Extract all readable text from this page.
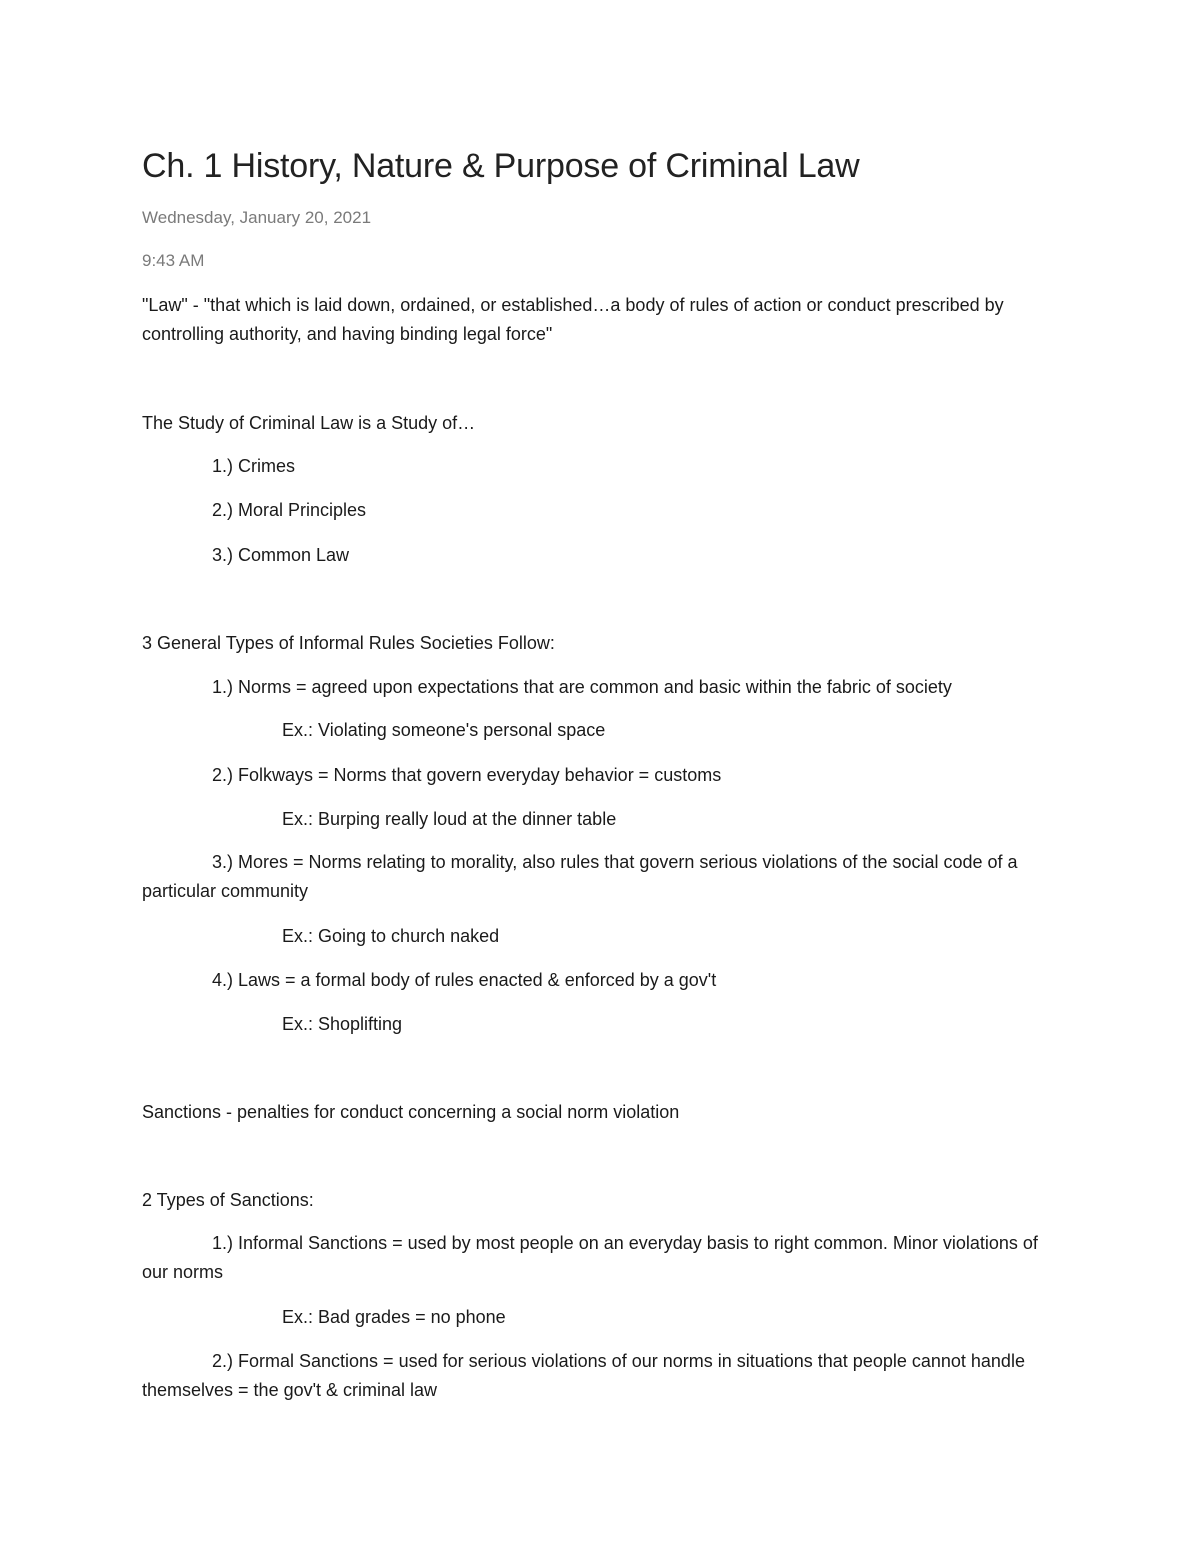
Ch. 1 History, Nature & Purpose of Criminal Law
Wednesday, January 20, 2021
9:43 AM
"Law" - "that which is laid down, ordained, or established…a body of rules of action or conduct prescribed by controlling authority, and having binding legal force"
The Study of Criminal Law is a Study of…
1.) Crimes
2.) Moral Principles
3.) Common Law
3 General Types of Informal Rules Societies Follow:
1.) Norms = agreed upon expectations that are common and basic within the fabric of society
Ex.: Violating someone's personal space
2.) Folkways = Norms that govern everyday behavior = customs
Ex.: Burping really loud at the dinner table
3.) Mores = Norms relating to morality, also rules that govern serious violations of the social code of a particular community
Ex.: Going to church naked
4.) Laws = a formal body of rules enacted & enforced by a gov't
Ex.: Shoplifting
Sanctions - penalties for conduct concerning a social norm violation
2 Types of Sanctions:
1.) Informal Sanctions = used by most people on an everyday basis to right common. Minor violations of our norms
Ex.: Bad grades = no phone
2.) Formal Sanctions = used for serious violations of our norms in situations that people cannot handle themselves = the gov't & criminal law
